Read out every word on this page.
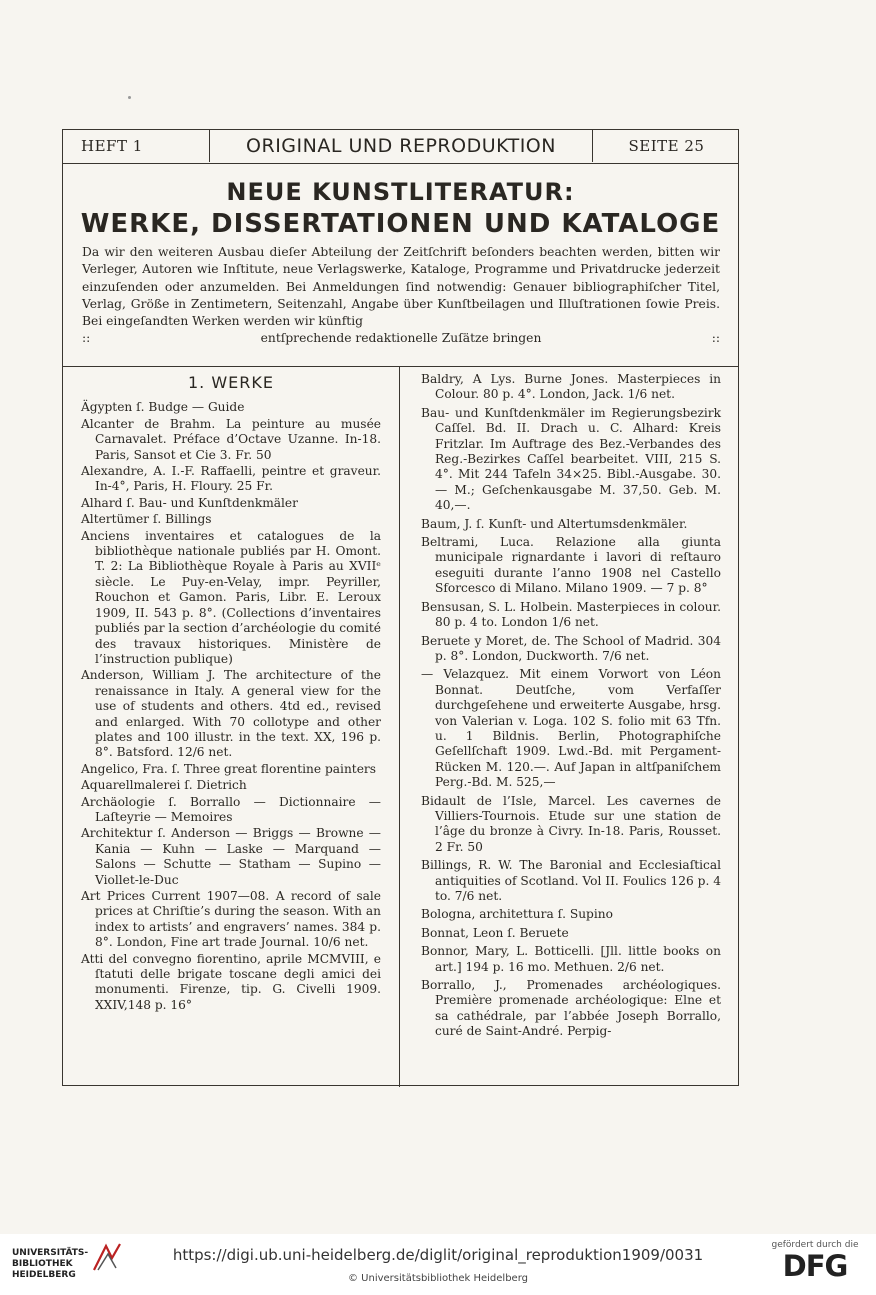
HEFT 1	ORIGINAL UND REPRODUKTION	SEITE 25
NEUE KUNSTLITERATUR:
WERKE, DISSERTATIONEN UND KATALOGE
Da wir den weiteren Ausbau dieſer Abteilung der Zeitſchrift beſonders beachten werden, bitten wir Verleger, Autoren wie Inſtitute, neue Verlagswerke, Kataloge, Programme und Privatdrucke jederzeit einzuſenden oder anzumelden. Bei Anmeldungen ſind notwendig: Genauer bibliographiſcher Titel, Verlag, Größe in Zentimetern, Seitenzahl, Angabe über Kunſtbeilagen und Illuſtrationen ſowie Preis. Bei eingeſandten Werken werden wir künftig
::	entſprechende redaktionelle Zuſätze bringen	::
1. WERKE
Ägypten ſ. Budge — Guide
Alcanter de Brahm. La peinture au musée Carnavalet. Préface d’Octave Uzanne. In-18. Paris, Sansot et Cie 3. Fr. 50
Alexandre, A. I.-F. Raffaelli, peintre et graveur. In-4°, Paris, H. Floury. 25 Fr.
Alhard ſ. Bau- und Kunſtdenkmäler
Altertümer ſ. Billings
Anciens inventaires et catalogues de la bibliothèque nationale publiés par H. Omont. T. 2: La Bibliothèque Royale à Paris au XVIIᵉ siècle. Le Puy-en-Velay, impr. Peyriller, Rouchon et Gamon. Paris, Libr. E. Leroux 1909, II. 543 p. 8°. (Collections d’inventaires publiés par la section d’archéologie du comité des travaux historiques. Ministère de l’instruction publique)
Anderson, William J. The architecture of the renaissance in Italy. A general view for the use of students and others. 4td ed., revised and enlarged. With 70 collotype and other plates and 100 illustr. in the text. XX, 196 p. 8°. Batsford. 12/6 net.
Angelico, Fra. ſ. Three great florentine painters
Aquarellmalerei ſ. Dietrich
Archäologie ſ. Borrallo — Dictionnaire — Laſteyrie — Memoires
Architektur ſ. Anderson — Briggs — Browne — Kania — Kuhn — Laske — Marquand — Salons — Schutte — Statham — Supino — Viollet-le-Duc
Art Prices Current 1907—08. A record of sale prices at Chriſtie’s during the season. With an index to artists’ and engravers’ names. 384 p. 8°. London, Fine art trade Journal. 10/6 net.
Atti del convegno fiorentino, aprile MCMVIII, e ſtatuti delle brigate toscane degli amici dei monumenti. Firenze, tip. G. Civelli 1909. XXIV,148 p. 16°
Baldry, A Lys. Burne Jones. Masterpieces in Colour. 80 p. 4°. London, Jack. 1/6 net.
Bau- und Kunſtdenkmäler im Regierungsbezirk Caſſel. Bd. II. Drach u. C. Alhard: Kreis Fritzlar. Im Auftrage des Bez.-Verbandes des Reg.-Bezirkes Caſſel bearbeitet. VIII, 215 S. 4°. Mit 244 Tafeln 34×25. Bibl.-Ausgabe. 30.— M.; Geſchenkausgabe M. 37,50. Geb. M. 40,—.
Baum, J. ſ. Kunſt- und Altertumsdenkmäler.
Beltrami, Luca. Relazione alla giunta municipale rignardante i lavori di reſtauro eseguiti durante l’anno 1908 nel Castello Sforcesco di Milano. Milano 1909. — 7 p. 8°
Bensusan, S. L. Holbein. Masterpieces in colour. 80 p. 4 to. London 1/6 net.
Beruete y Moret, de. The School of Madrid. 304 p. 8°. London, Duckworth. 7/6 net.
— Velazquez. Mit einem Vorwort von Léon Bonnat. Deutſche, vom Verfaſſer durchgeſehene und erweiterte Ausgabe, hrsg. von Valerian v. Loga. 102 S. folio mit 63 Tfn. u. 1 Bildnis. Berlin, Photographiſche Geſellſchaft 1909. Lwd.-Bd. mit Pergament-Rücken M. 120.—. Auf Japan in altſpaniſchem Perg.-Bd. M. 525,—
Bidault de l’Isle, Marcel. Les cavernes de Villiers-Tournois. Etude sur une station de l’âge du bronze à Civry. In-18. Paris, Rousset. 2 Fr. 50
Billings, R. W. The Baronial and Ecclesiaſtical antiquities of Scotland. Vol II. Foulics 126 p. 4 to. 7/6 net.
Bologna, architettura ſ. Supino
Bonnat, Leon ſ. Beruete
Bonnor, Mary, L. Botticelli. [Jll. little books on art.] 194 p. 16 mo. Methuen. 2/6 net.
Borrallo, J., Promenades archéologiques. Première promenade archéologique: Elne et sa cathédrale, par l’abbée Joseph Borrallo, curé de Saint-André. Perpig-
UNIVERSITÄTS-
BIBLIOTHEK
HEIDELBERG
https://digi.ub.uni-heidelberg.de/diglit/original_reproduktion1909/0031
© Universitätsbibliothek Heidelberg
gefördert durch die
DFG
